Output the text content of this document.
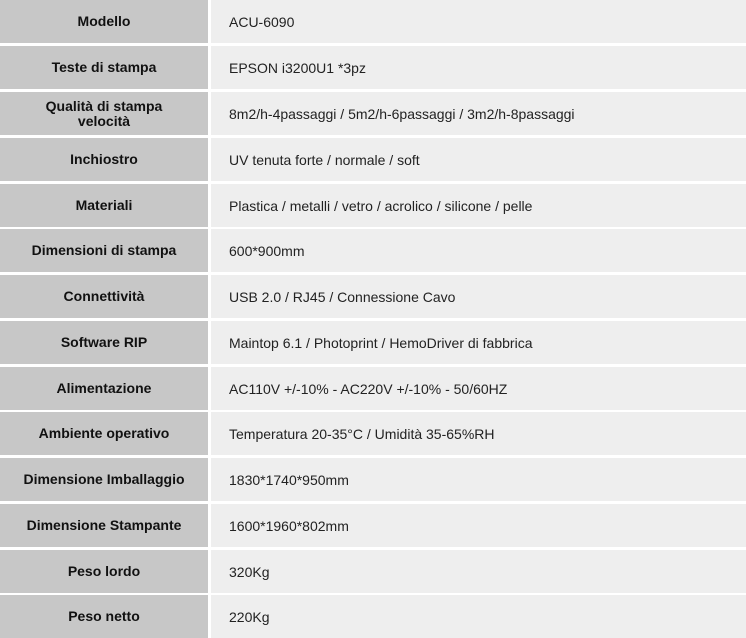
Modello	ACU-6090
Teste di stampa	EPSON i3200U1 *3pz
Qualità di stampa velocità	8m2/h-4passaggi / 5m2/h-6passaggi / 3m2/h-8passaggi
Inchiostro	UV tenuta forte / normale / soft
Materiali	Plastica / metalli / vetro / acrolico / silicone / pelle
Dimensioni di stampa	600*900mm
Connettività	USB 2.0 / RJ45 / Connessione Cavo
Software RIP	Maintop 6.1 / Photoprint / HemoDriver di fabbrica
Alimentazione	AC110V +/-10% - AC220V +/-10% - 50/60HZ
Ambiente operativo	Temperatura 20-35°C / Umidità 35-65%RH
Dimensione Imballaggio	1830*1740*950mm
Dimensione Stampante	1600*1960*802mm
Peso lordo	320Kg
Peso netto	220Kg
